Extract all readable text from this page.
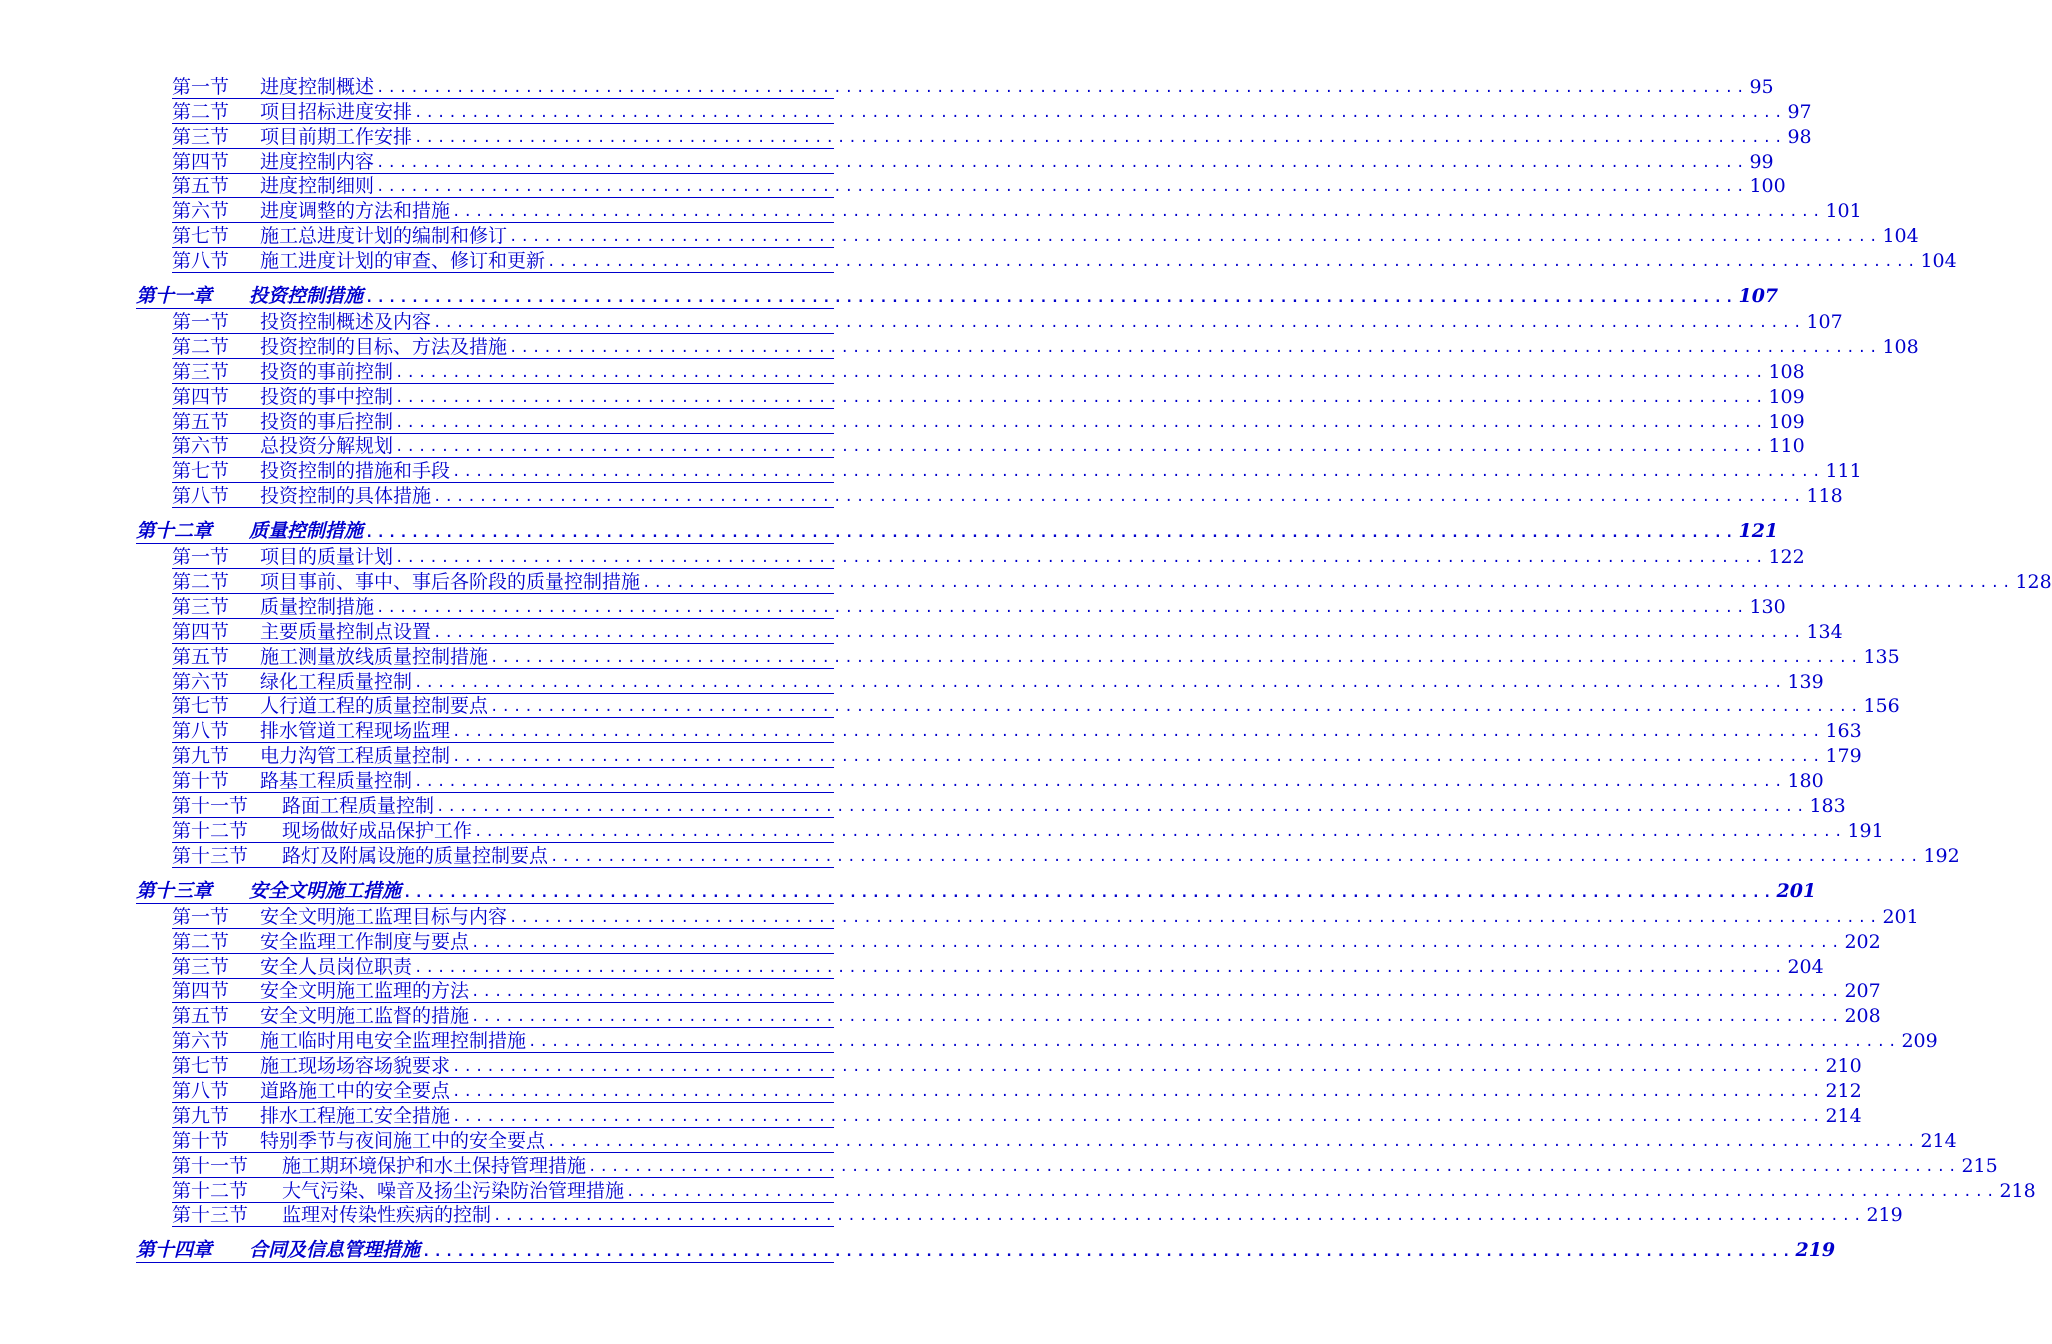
第一节 进度控制概述 ........................................................................................................................ 95
第二节 项目招标进度安排 ........................................................................................................................ 97
第三节 项目前期工作安排 ........................................................................................................................ 98
第四节 进度控制内容 ........................................................................................................................ 99
第五节 进度控制细则 ........................................................................................................................ 100
第六节 进度调整的方法和措施 ........................................................................................................................ 101
第七节 施工总进度计划的编制和修订 ........................................................................................................................ 104
第八节 施工进度计划的审查、修订和更新 ........................................................................................................................ 104
第十一章 投资控制措施 ........................................................................................................................ 107
第一节 投资控制概述及内容 ........................................................................................................................ 107
第二节 投资控制的目标、方法及措施 ........................................................................................................................ 108
第三节 投资的事前控制 ........................................................................................................................ 108
第四节 投资的事中控制 ........................................................................................................................ 109
第五节 投资的事后控制 ........................................................................................................................ 109
第六节 总投资分解规划 ........................................................................................................................ 110
第七节 投资控制的措施和手段 ........................................................................................................................ 111
第八节 投资控制的具体措施 ........................................................................................................................ 118
第十二章 质量控制措施 ........................................................................................................................ 121
第一节 项目的质量计划 ........................................................................................................................ 122
第二节 项目事前、事中、事后各阶段的质量控制措施 ........................................................................................................................ 128
第三节 质量控制措施 ........................................................................................................................ 130
第四节 主要质量控制点设置 ........................................................................................................................ 134
第五节 施工测量放线质量控制措施 ........................................................................................................................ 135
第六节 绿化工程质量控制 ........................................................................................................................ 139
第七节 人行道工程的质量控制要点 ........................................................................................................................ 156
第八节 排水管道工程现场监理 ........................................................................................................................ 163
第九节 电力沟管工程质量控制 ........................................................................................................................ 179
第十节 路基工程质量控制 ........................................................................................................................ 180
第十一节 路面工程质量控制 ........................................................................................................................ 183
第十二节 现场做好成品保护工作 ........................................................................................................................ 191
第十三节 路灯及附属设施的质量控制要点 ........................................................................................................................ 192
第十三章 安全文明施工措施 ........................................................................................................................ 201
第一节 安全文明施工监理目标与内容 ........................................................................................................................ 201
第二节 安全监理工作制度与要点 ........................................................................................................................ 202
第三节 安全人员岗位职责 ........................................................................................................................ 204
第四节 安全文明施工监理的方法 ........................................................................................................................ 207
第五节 安全文明施工监督的措施 ........................................................................................................................ 208
第六节 施工临时用电安全监理控制措施 ........................................................................................................................ 209
第七节 施工现场场容场貌要求 ........................................................................................................................ 210
第八节 道路施工中的安全要点 ........................................................................................................................ 212
第九节 排水工程施工安全措施 ........................................................................................................................ 214
第十节 特别季节与夜间施工中的安全要点 ........................................................................................................................ 214
第十一节 施工期环境保护和水土保持管理措施 ........................................................................................................................ 215
第十二节 大气污染、噪音及扬尘污染防治管理措施 ........................................................................................................................ 218
第十三节 监理对传染性疾病的控制 ........................................................................................................................ 219
第十四章 合同及信息管理措施 ........................................................................................................................ 219
